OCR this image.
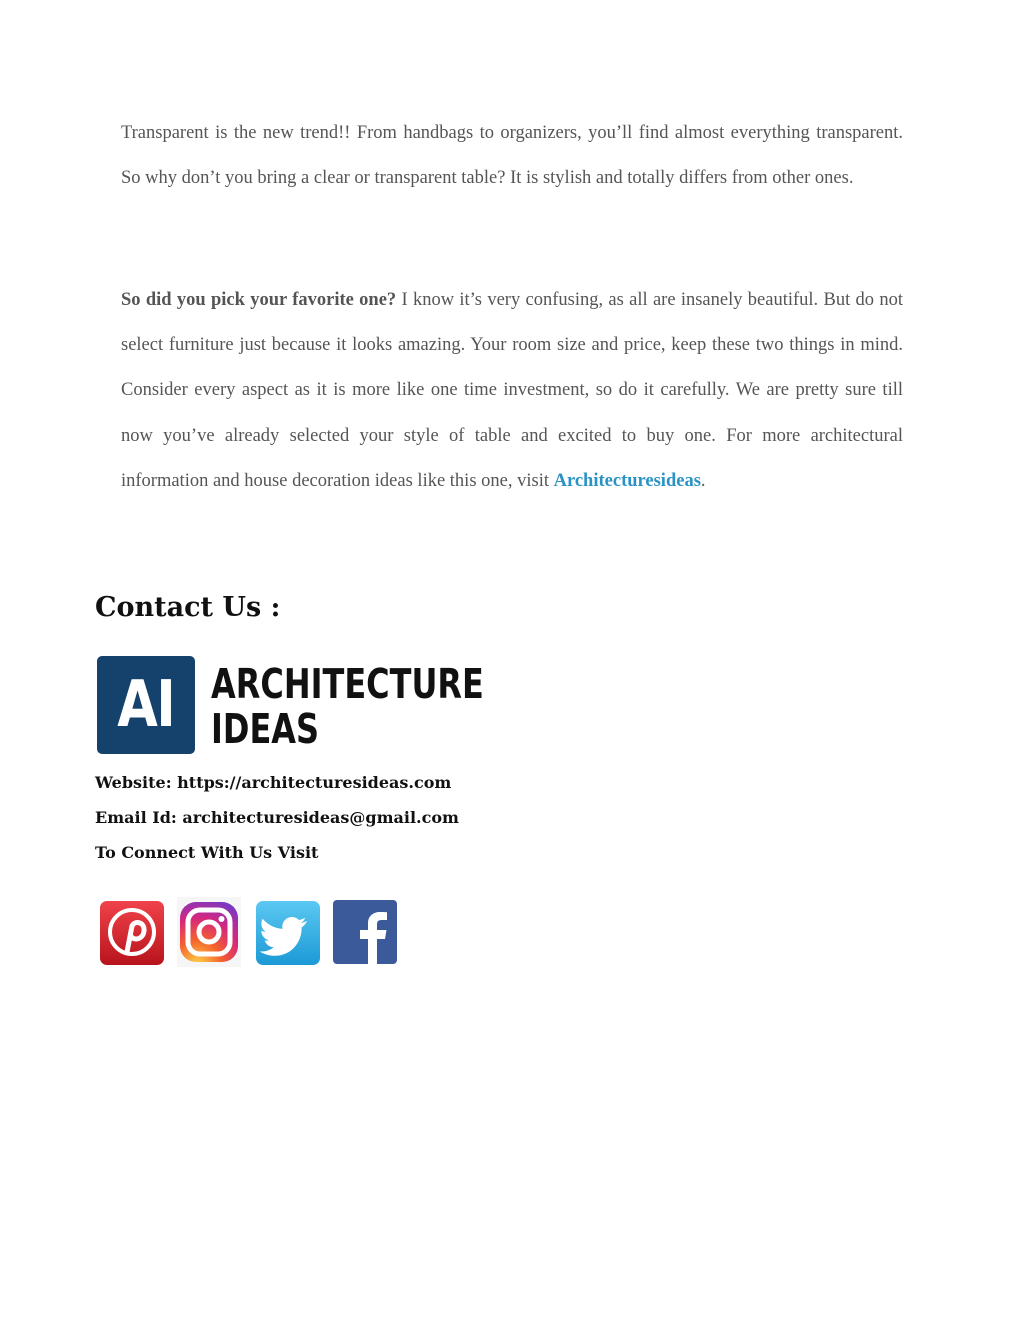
Transparent is the new trend!! From handbags to organizers, you’ll find almost everything transparent. So why don’t you bring a clear or transparent table? It is stylish and totally differs from other ones.

So did you pick your favorite one? I know it’s very confusing, as all are insanely beautiful. But do not select furniture just because it looks amazing. Your room size and price, keep these two things in mind. Consider every aspect as it is more like one time investment, so do it carefully. We are pretty sure till now you’ve already selected your style of table and excited to buy one. For more architectural information and house decoration ideas like this one, visit Architecturesideas.

Contact Us :
AI ARCHITECTURE
IDEAS

Website: https://architecturesideas.com

Email Id: architecturesideas@gmail.com

To Connect With Us Visit
